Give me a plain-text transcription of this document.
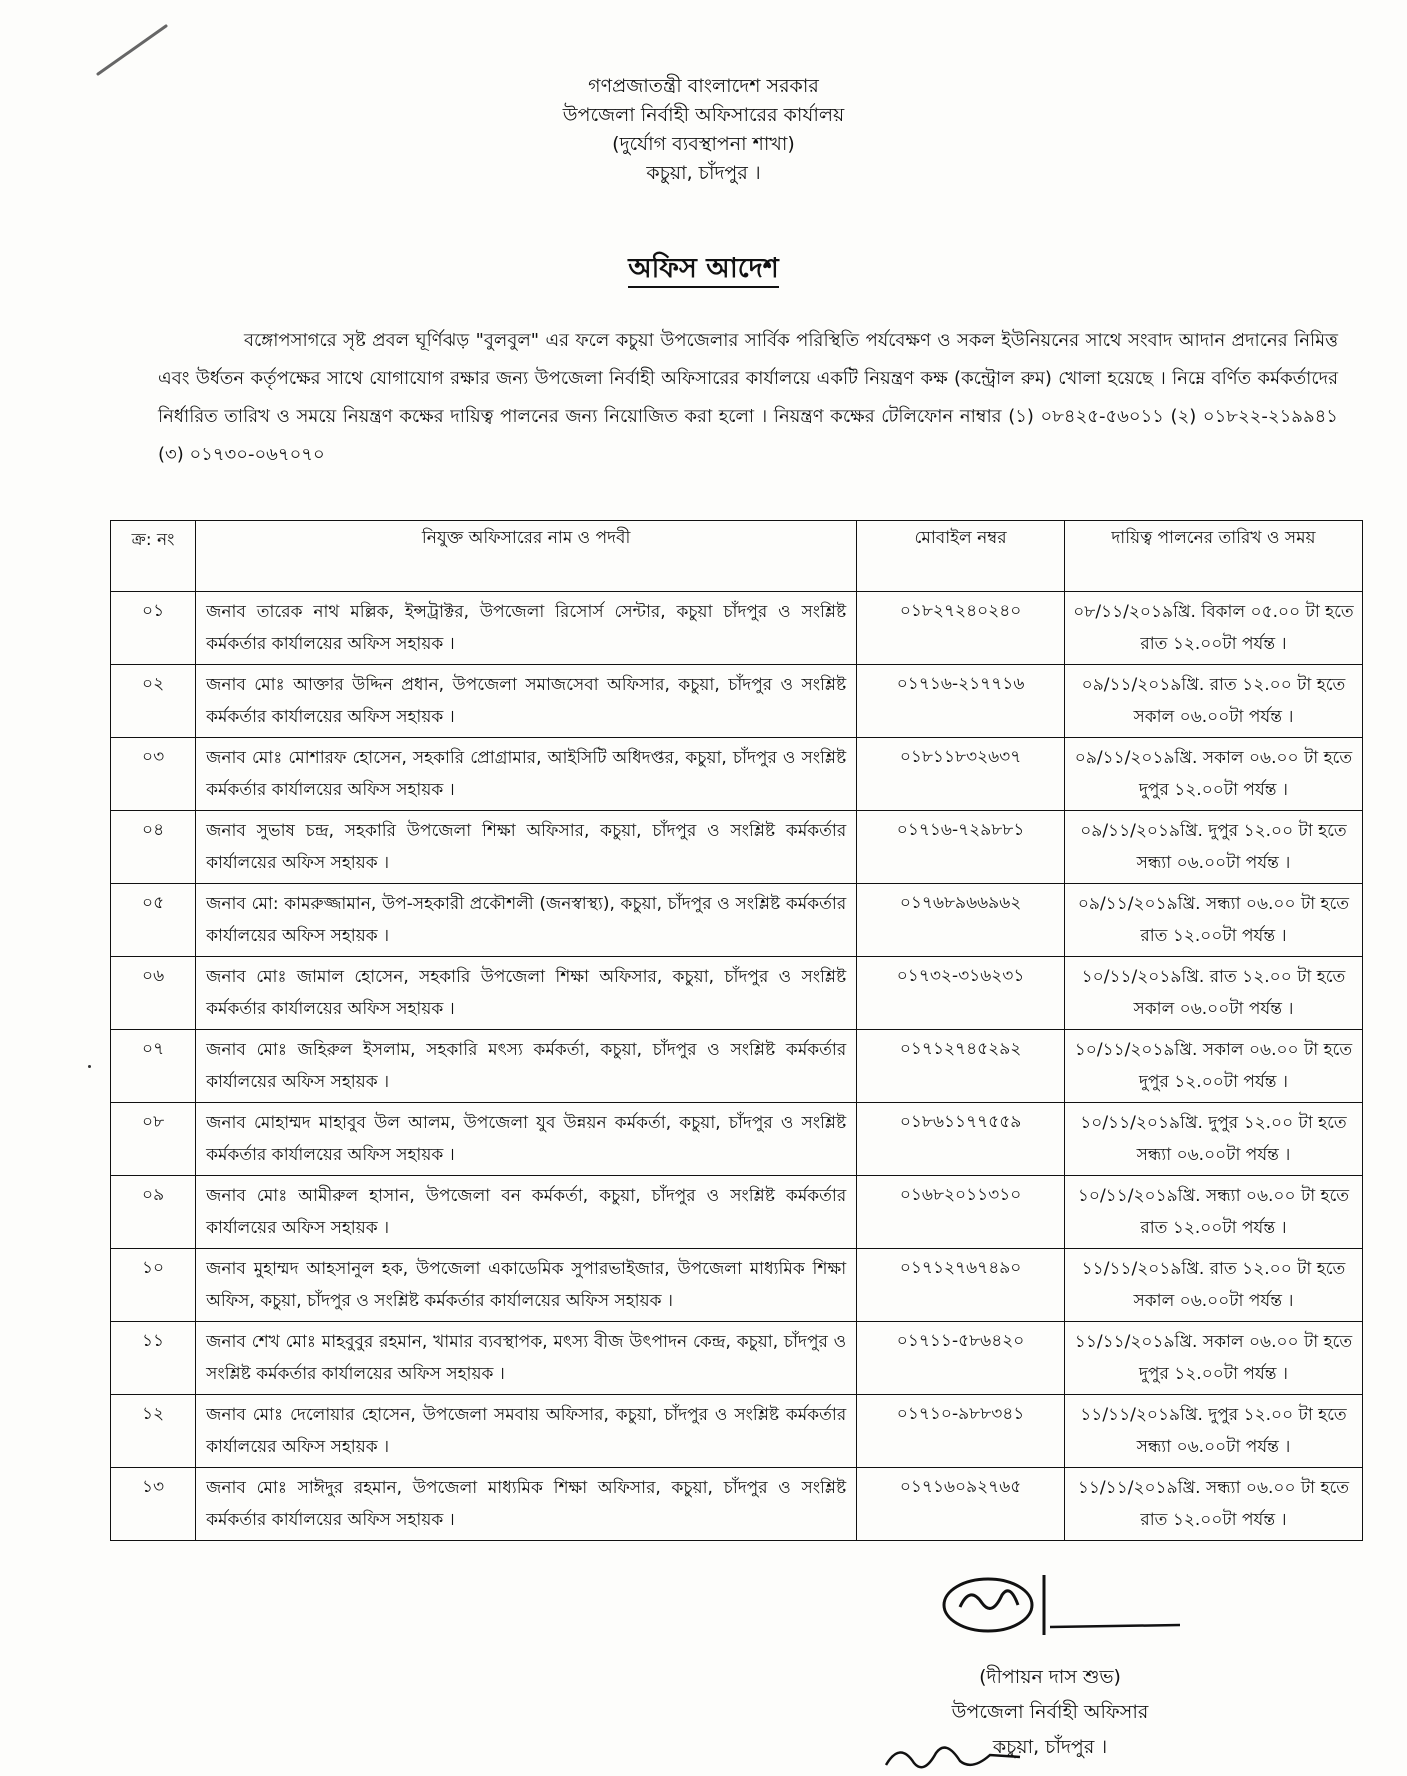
গণপ্রজাতন্ত্রী বাংলাদেশ সরকার
উপজেলা নির্বাহী অফিসারের কার্যালয়
(দুর্যোগ ব্যবস্থাপনা শাখা)
কচুয়া, চাঁদপুর ।
অফিস আদেশ
বঙ্গোপসাগরে সৃষ্ট প্রবল ঘূর্ণিঝড় "বুলবুল" এর ফলে কচুয়া উপজেলার সার্বিক পরিস্থিতি পর্যবেক্ষণ ও সকল ইউনিয়নের সাথে সংবাদ আদান প্রদানের নিমিত্ত এবং উর্ধতন কর্তৃপক্ষের সাথে যোগাযোগ রক্ষার জন্য উপজেলা নির্বাহী অফিসারের কার্যালয়ে একটি নিয়ন্ত্রণ কক্ষ (কন্ট্রোল রুম) খোলা হয়েছে । নিম্নে বর্ণিত কর্মকর্তাদের নির্ধারিত তারিখ ও সময়ে নিয়ন্ত্রণ কক্ষের দায়িত্ব পালনের জন্য নিয়োজিত করা হলো । নিয়ন্ত্রণ কক্ষের টেলিফোন নাম্বার (১) ০৮৪২৫-৫৬০১১ (২) ০১৮২২-২১৯৯৪১ (৩) ০১৭৩০-০৬৭০৭০
ক্র: নং	নিযুক্ত অফিসারের নাম ও পদবী	মোবাইল নম্বর	দায়িত্ব পালনের তারিখ ও সময়
০১	জনাব তারেক নাথ মল্লিক, ইন্সট্রাক্টর, উপজেলা রিসোর্স সেন্টার, কচুয়া চাঁদপুর ও সংশ্লিষ্ট কর্মকর্তার কার্যালয়ের অফিস সহায়ক ।	০১৮২৭২৪০২৪০	০৮/১১/২০১৯খ্রি. বিকাল ০৫.০০ টা হতে রাত ১২.০০টা পর্যন্ত ।
০২	জনাব মোঃ আক্তার উদ্দিন প্রধান, উপজেলা সমাজসেবা অফিসার, কচুয়া, চাঁদপুর ও সংশ্লিষ্ট কর্মকর্তার কার্যালয়ের অফিস সহায়ক ।	০১৭১৬-২১৭৭১৬	০৯/১১/২০১৯খ্রি. রাত ১২.০০ টা হতে সকাল ০৬.০০টা পর্যন্ত ।
০৩	জনাব মোঃ মোশারফ হোসেন, সহকারি প্রোগ্রামার, আইসিটি অধিদপ্তর, কচুয়া, চাঁদপুর ও সংশ্লিষ্ট কর্মকর্তার কার্যালয়ের অফিস সহায়ক ।	০১৮১১৮৩২৬৩৭	০৯/১১/২০১৯খ্রি. সকাল ০৬.০০ টা হতে দুপুর ১২.০০টা পর্যন্ত ।
০৪	জনাব সুভাষ চন্দ্র, সহকারি উপজেলা শিক্ষা অফিসার, কচুয়া, চাঁদপুর ও সংশ্লিষ্ট কর্মকর্তার কার্যালয়ের অফিস সহায়ক ।	০১৭১৬-৭২৯৮৮১	০৯/১১/২০১৯খ্রি. দুপুর ১২.০০ টা হতে সন্ধ্যা ০৬.০০টা পর্যন্ত ।
০৫	জনাব মো: কামরুজ্জামান, উপ-সহকারী প্রকৌশলী (জনস্বাস্থ্য), কচুয়া, চাঁদপুর ও সংশ্লিষ্ট কর্মকর্তার কার্যালয়ের অফিস সহায়ক ।	০১৭৬৮৯৬৬৯৬২	০৯/১১/২০১৯খ্রি. সন্ধ্যা ০৬.০০ টা হতে রাত ১২.০০টা পর্যন্ত ।
০৬	জনাব মোঃ জামাল হোসেন, সহকারি উপজেলা শিক্ষা অফিসার, কচুয়া, চাঁদপুর ও সংশ্লিষ্ট কর্মকর্তার কার্যালয়ের অফিস সহায়ক ।	০১৭৩২-৩১৬২৩১	১০/১১/২০১৯খ্রি. রাত ১২.০০ টা হতে সকাল ০৬.০০টা পর্যন্ত ।
০৭	জনাব মোঃ জহিরুল ইসলাম, সহকারি মৎস্য কর্মকর্তা, কচুয়া, চাঁদপুর ও সংশ্লিষ্ট কর্মকর্তার কার্যালয়ের অফিস সহায়ক ।	০১৭১২৭৪৫২৯২	১০/১১/২০১৯খ্রি. সকাল ০৬.০০ টা হতে দুপুর ১২.০০টা পর্যন্ত ।
০৮	জনাব মোহাম্মদ মাহাবুব উল আলম, উপজেলা যুব উন্নয়ন কর্মকর্তা, কচুয়া, চাঁদপুর ও সংশ্লিষ্ট কর্মকর্তার কার্যালয়ের অফিস সহায়ক ।	০১৮৬১১৭৭৫৫৯	১০/১১/২০১৯খ্রি. দুপুর ১২.০০ টা হতে সন্ধ্যা ০৬.০০টা পর্যন্ত ।
০৯	জনাব মোঃ আমীরুল হাসান, উপজেলা বন কর্মকর্তা, কচুয়া, চাঁদপুর ও সংশ্লিষ্ট কর্মকর্তার কার্যালয়ের অফিস সহায়ক ।	০১৬৮২০১১৩১০	১০/১১/২০১৯খ্রি. সন্ধ্যা ০৬.০০ টা হতে রাত ১২.০০টা পর্যন্ত ।
১০	জনাব মুহাম্মদ আহসানুল হক, উপজেলা একাডেমিক সুপারভাইজার, উপজেলা মাধ্যমিক শিক্ষা অফিস, কচুয়া, চাঁদপুর ও সংশ্লিষ্ট কর্মকর্তার কার্যালয়ের অফিস সহায়ক ।	০১৭১২৭৬৭৪৯০	১১/১১/২০১৯খ্রি. রাত ১২.০০ টা হতে সকাল ০৬.০০টা পর্যন্ত ।
১১	জনাব শেখ মোঃ মাহবুবুর রহমান, খামার ব্যবস্থাপক, মৎস্য বীজ উৎপাদন কেন্দ্র, কচুয়া, চাঁদপুর ও সংশ্লিষ্ট কর্মকর্তার কার্যালয়ের অফিস সহায়ক ।	০১৭১১-৫৮৬৪২০	১১/১১/২০১৯খ্রি. সকাল ০৬.০০ টা হতে দুপুর ১২.০০টা পর্যন্ত ।
১২	জনাব মোঃ দেলোয়ার হোসেন, উপজেলা সমবায় অফিসার, কচুয়া, চাঁদপুর ও সংশ্লিষ্ট কর্মকর্তার কার্যালয়ের অফিস সহায়ক ।	০১৭১০-৯৮৮৩৪১	১১/১১/২০১৯খ্রি. দুপুর ১২.০০ টা হতে সন্ধ্যা ০৬.০০টা পর্যন্ত ।
১৩	জনাব মোঃ সাঈদুর রহমান, উপজেলা মাধ্যমিক শিক্ষা অফিসার, কচুয়া, চাঁদপুর ও সংশ্লিষ্ট কর্মকর্তার কার্যালয়ের অফিস সহায়ক ।	০১৭১৬০৯২৭৬৫	১১/১১/২০১৯খ্রি. সন্ধ্যা ০৬.০০ টা হতে রাত ১২.০০টা পর্যন্ত ।
(দীপায়ন দাস শুভ)
উপজেলা নির্বাহী অফিসার
কচুয়া, চাঁদপুর ।
